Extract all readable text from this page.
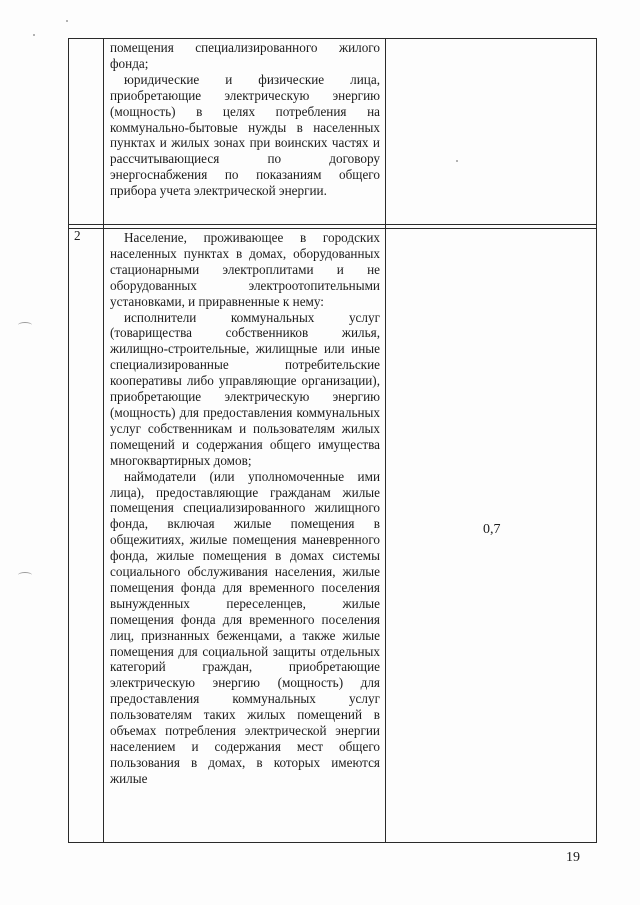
помещения специализированного жилого фонда;

юридические и физические лица, приобретающие электрическую энергию (мощность) в целях потребления на коммунально-бытовые нужды в населенных пунктах и жилых зонах при воинских частях и рассчитывающиеся по договору энергоснабжения по показаниям общего прибора учета электрической энергии.

2	Население, проживающее в городских населенных пунктах в домах, оборудованных стационарными электроплитами и не оборудованных электроотопительными установками, и приравненные к нему:

исполнители коммунальных услуг (товарищества собственников жилья, жилищно-строительные, жилищные или иные специализированные потребительские кооперативы либо управляющие организации), приобретающие электрическую энергию (мощность) для предоставления коммунальных услуг собственникам и пользователям жилых помещений и содержания общего имущества многоквартирных домов;

наймодатели (или уполномоченные ими лица), предоставляющие гражданам жилые помещения специализированного жилищного фонда, включая жилые помещения в общежитиях, жилые помещения маневренного фонда, жилые помещения в домах системы социального обслуживания населения, жилые помещения фонда для временного поселения вынужденных переселенцев, жилые помещения фонда для временного поселения лиц, признанных беженцами, а также жилые помещения для социальной защиты отдельных категорий граждан, приобретающие электрическую энергию (мощность) для предоставления коммунальных услуг пользователям таких жилых помещений в объемах потребления электрической энергии населением и содержания мест общего пользования в домах, в которых имеются жилые

0,7
19
